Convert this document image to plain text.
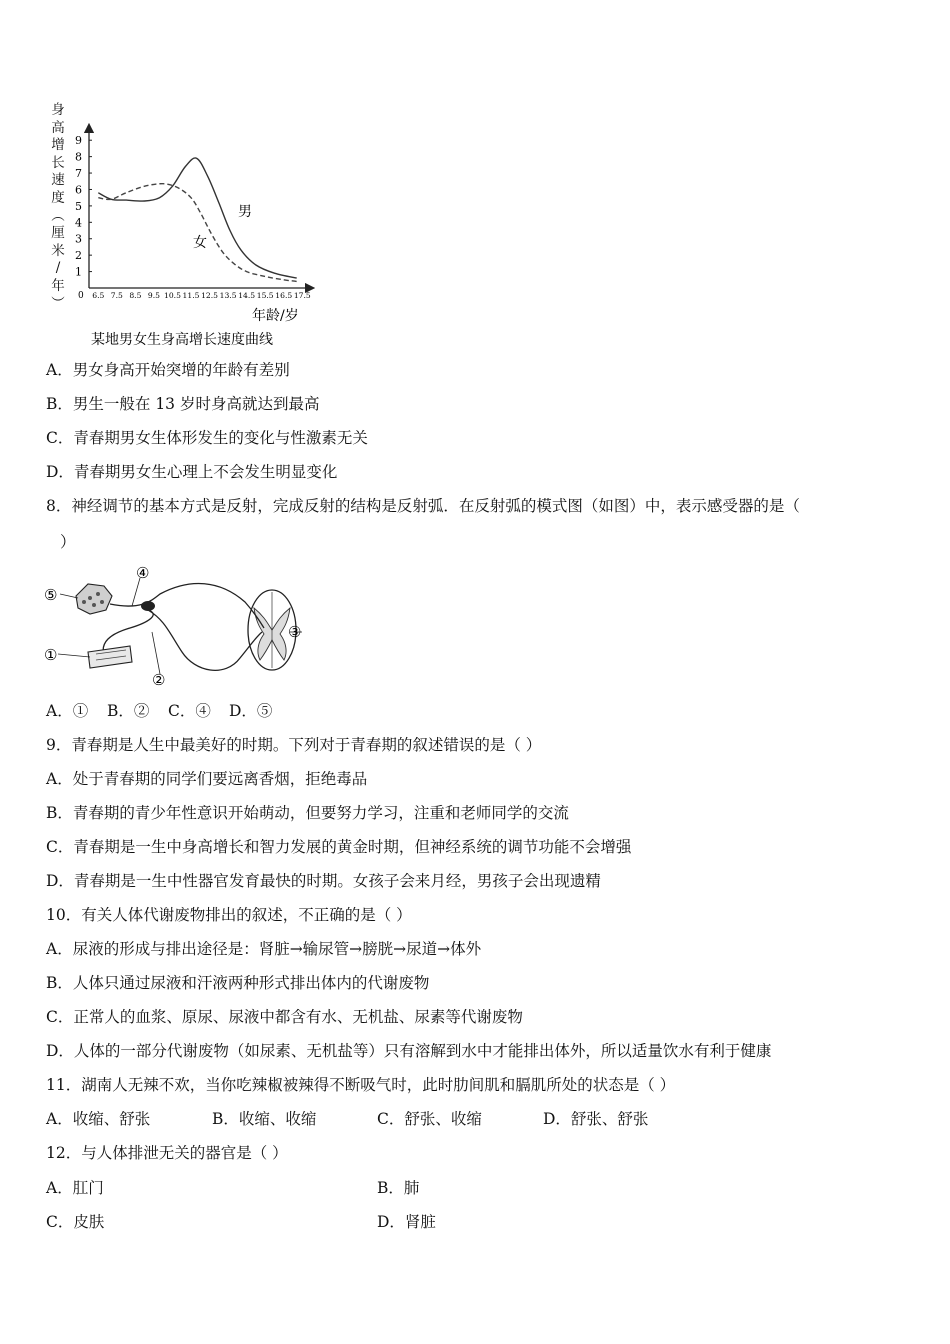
身
高
增
长
速
度
︵
厘
米
/
年
︶
1
2
3
4
5
6
7
8
9
6.5 7.5 8.5 9.5 10.5 11.5 12.5 13.5 14.5 15.5 16.5 17.5
0
男
女
年龄/岁
某地男女生身高增长速度曲线
A．男女身高开始突增的年龄有差别
B．男生一般在 13 岁时身高就达到最高
C．青春期男女生体形发生的变化与性激素无关
D．青春期男女生心理上不会发生明显变化
8．神经调节的基本方式是反射，完成反射的结构是反射弧．在反射弧的模式图（如图）中，表示感受器的是（
）
①
②
③
④
⑤
A．① B．② C．④ D．⑤
9．青春期是人生中最美好的时期。下列对于青春期的叙述错误的是（ ）
A．处于青春期的同学们要远离香烟，拒绝毒品
B．青春期的青少年性意识开始萌动，但要努力学习，注重和老师同学的交流
C．青春期是一生中身高增长和智力发展的黄金时期，但神经系统的调节功能不会增强
D．青春期是一生中性器官发育最快的时期。女孩子会来月经，男孩子会出现遗精
10．有关人体代谢废物排出的叙述，不正确的是（ ）
A．尿液的形成与排出途径是：肾脏→输尿管→膀胱→尿道→体外
B．人体只通过尿液和汗液两种形式排出体内的代谢废物
C．正常人的血浆、原尿、尿液中都含有水、无机盐、尿素等代谢废物
D．人体的一部分代谢废物（如尿素、无机盐等）只有溶解到水中才能排出体外，所以适量饮水有利于健康
11．湖南人无辣不欢，当你吃辣椒被辣得不断吸气时，此时肋间肌和膈肌所处的状态是（ ）
A．收缩、舒张	B．收缩、收缩	C．舒张、收缩	D．舒张、舒张
12．与人体排泄无关的器官是（ ）
A．肛门	B．肺
C．皮肤	D．肾脏
